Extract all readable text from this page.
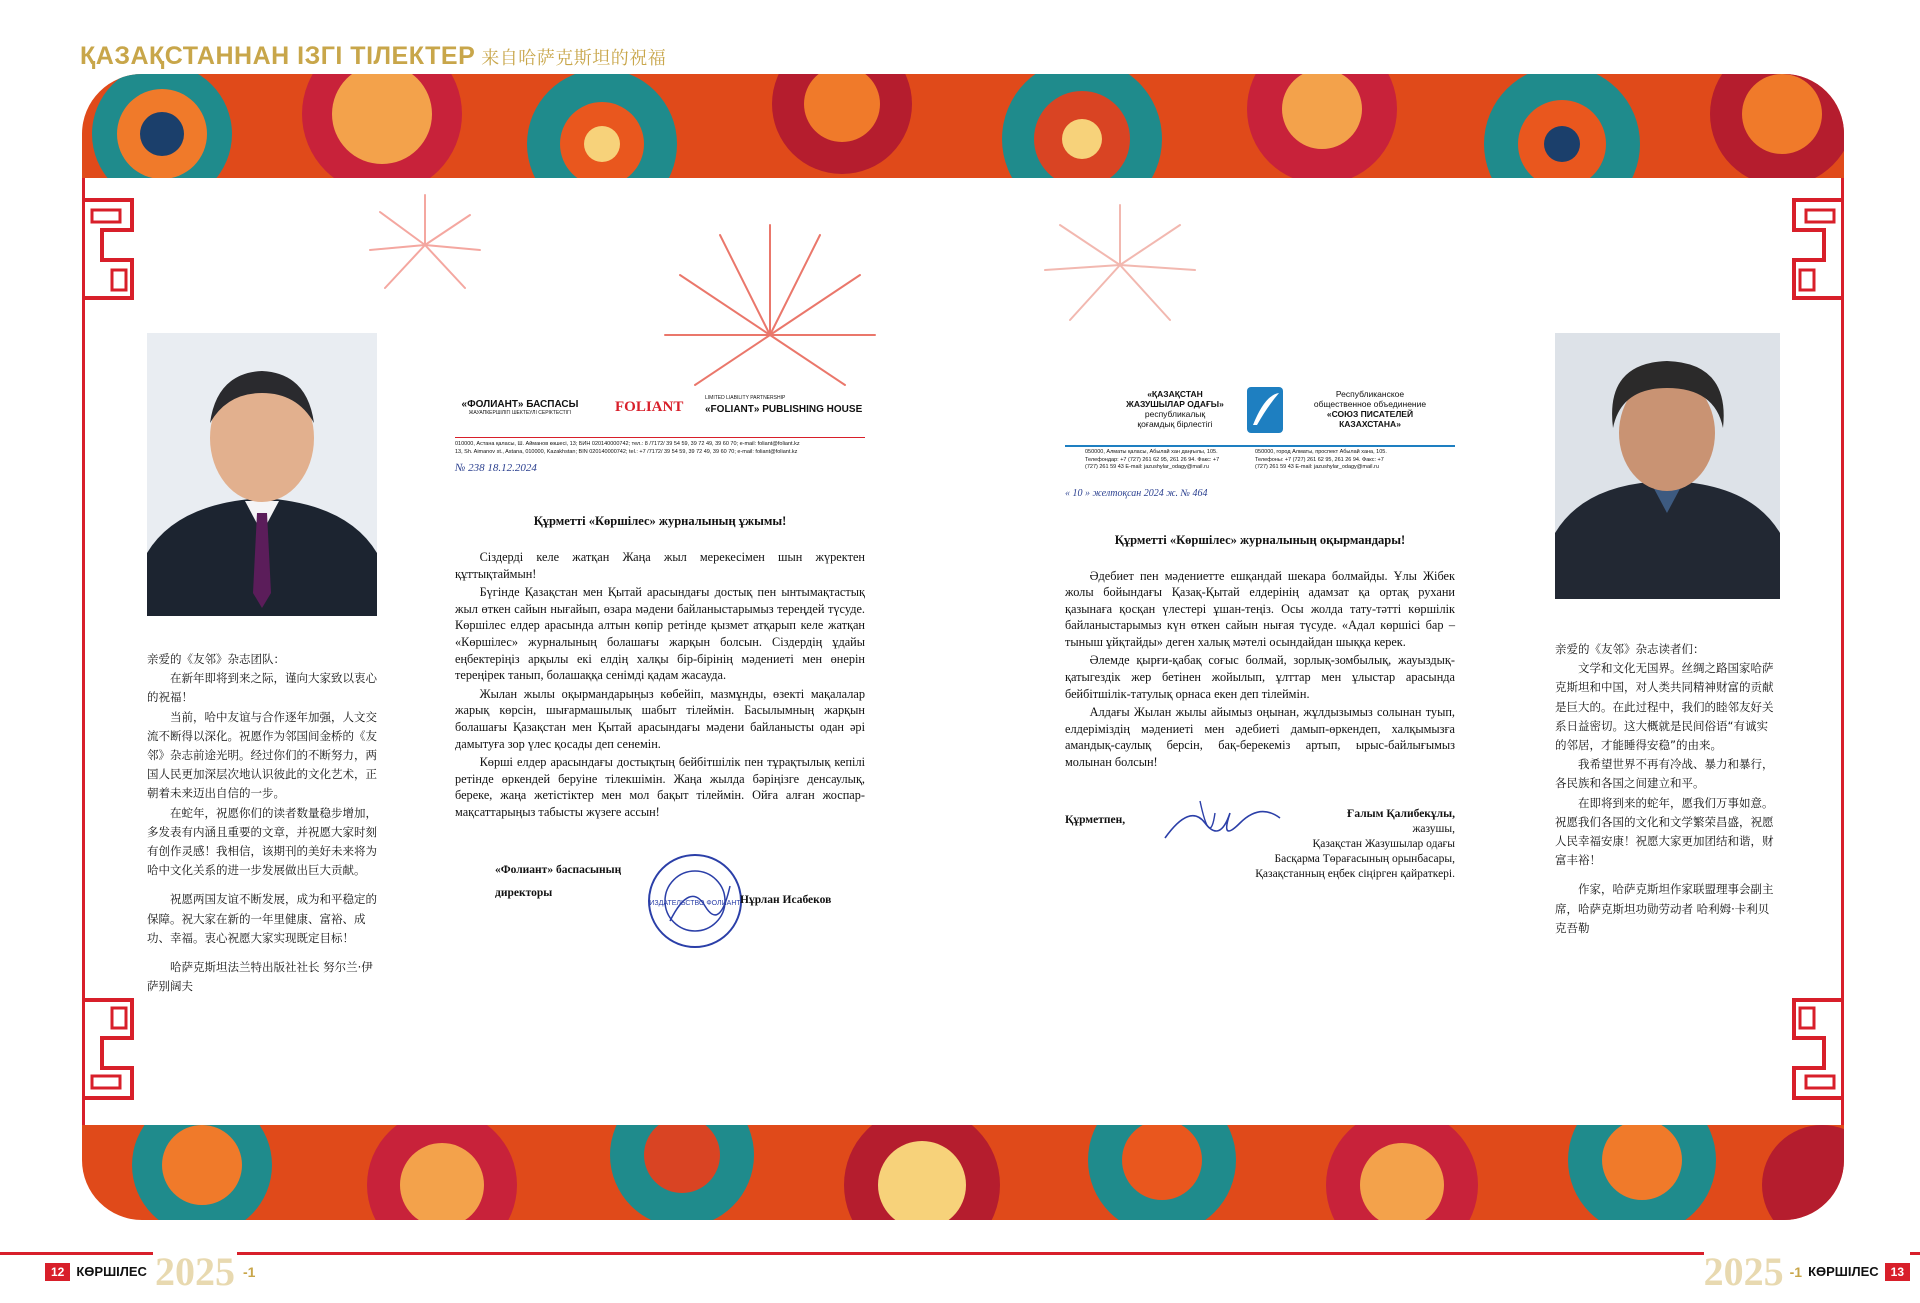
ҚАЗАҚСТАННАН ІЗГІ ТІЛЕКТЕР 来自哈萨克斯坦的祝福

亲爱的《友邻》杂志团队：

在新年即将到来之际，谨向大家致以衷心的祝福！

当前，哈中友谊与合作逐年加强，人文交流不断得以深化。祝愿作为邻国间金桥的《友邻》杂志前途光明。经过你们的不断努力，两国人民更加深层次地认识彼此的文化艺术，正朝着未来迈出自信的一步。

在蛇年，祝愿你们的读者数量稳步增加，多发表有内涵且重要的文章，并祝愿大家时刻有创作灵感！我相信，该期刊的美好未来将为哈中文化关系的进一步发展做出巨大贡献。

祝愿两国友谊不断发展，成为和平稳定的保障。祝大家在新的一年里健康、富裕、成功、幸福。衷心祝愿大家实现既定目标！

哈萨克斯坦法兰特出版社社长 努尔兰·伊萨别阔夫

«ФОЛИАНТ» БАСПАСЫ
ЖАУАПКЕРШІЛІГІ ШЕКТЕУЛІ СЕРІКТЕСТІГІ	FOLIANT
LIMITED LIABILITY PARTNERSHIP
«FOLIANT» PUBLISHING HOUSE
010000, Астана қаласы, Ш. Айманов көшесі, 13; БИН 020140000742; тел.: 8 /7172/ 39 54 59, 39 72 49, 39 60 70; e-mail: foliant@foliant.kz
13, Sh. Aimanov st., Astana, 010000, Kazakhstan; BIN 020140000742; tel.: +7 /7172/ 39 54 59, 39 72 49, 39 60 70; e-mail: foliant@foliant.kz
№ 238 18.12.2024
Құрметті «Көршілес» журналының ұжымы!

Сіздерді келе жатқан Жаңа жыл мерекесімен шын жүректен құттықтаймын!

Бүгінде Қазақстан мен Қытай арасындағы достық пен ынтымақтастық жыл өткен сайын нығайып, өзара мәдени байланыстарымыз тереңдей түсуде. Көршілес елдер арасында алтын көпір ретінде қызмет атқарып келе жатқан «Көршілес» журналының болашағы жарқын болсын. Сіздердің ұдайы еңбектеріңіз арқылы екі елдің халқы бір-бірінің мәдениеті мен өнерін тереңірек танып, болашаққа сенімді қадам жасауда.

Жылан жылы оқырмандарыңыз көбейіп, мазмұнды, өзекті мақалалар жарық көрсін, шығармашылық шабыт тілеймін. Басылымның жарқын болашағы Қазақстан мен Қытай арасындағы мәдени байланысты одан әрі дамытуға зор үлес қосады деп сенемін.

Көрші елдер арасындағы достықтың бейбітшілік пен тұрақтылық кепілі ретінде өркендей беруіне тілекшімін. Жаңа жылда бәріңізге денсаулық, береке, жаңа жетістіктер мен мол бақыт тілеймін. Ойға алған жоспар-мақсаттарыңыз табысты жүзеге ассын!

«Фолиант» баспасының
директоры
ИЗДАТЕЛЬСТВО ФОЛИАНТ Нұрлан Исабеков
«ҚАЗАҚСТАН
ЖАЗУШЫЛАР ОДАҒЫ»
республикалық
қоғамдық бірлестігі
Республиканское
общественное объединение
«СОЮЗ ПИСАТЕЛЕЙ
КАЗАХСТАНА»
050000, Алматы қаласы, Абылай хан даңғылы, 105. Телефондар: +7 (727) 261 62 95, 261 26 94. Факс: +7 (727) 261 59 43 E-mail: jazushylar_odagy@mail.ru
050000, город Алматы, проспект Абылай хана, 105. Телефоны: +7 (727) 261 62 95, 261 26 94. Факс: +7 (727) 261 59 43 E-mail: jazushylar_odagy@mail.ru
« 10 » желтоқсан 2024 ж. № 464
Құрметті «Көршілес» журналының оқырмандары!

Әдебиет пен мәдениетте ешқандай шекара болмайды. Ұлы Жібек жолы бойындағы Қазақ-Қытай елдерінің адамзат қа ортақ рухани қазынаға қосқан үлестері ұшан-теңіз. Осы жолда тату-тәтті көршілік байланыстарымыз күн өткен сайын нығая түсуде. «Адал көршісі бар – тыныш ұйқтайды» деген халық мәтелі осындайдан шыққа керек.

Әлемде қырғи-қабақ соғыс болмай, зорлық-зомбылық, жауыздық-қатыгездік жер бетінен жойылып, ұлттар мен ұлыстар арасында бейбітшілік-татулық орнаса екен деп тілеймін.

Алдағы Жылан жылы айымыз оңынан, жұлдызымыз солынан туып, елдеріміздің мәдениеті мен әдебиеті дамып-өркендеп, халқымызға амандық-саулық берсін, бақ-берекеміз артып, ырыс-байлығымыз молынан болсын!

Құрметпен,	Ғалым Қалибекұлы,
жазушы,
Қазақстан Жазушылар одағы
Басқарма Төрағасының орынбасары,
Қазақстанның еңбек сіңірген қайраткері.

亲爱的《友邻》杂志读者们：

文学和文化无国界。丝绸之路国家哈萨克斯坦和中国，对人类共同精神财富的贡献是巨大的。在此过程中，我们的睦邻友好关系日益密切。这大概就是民间俗语“有诚实的邻居，才能睡得安稳”的由来。

我希望世界不再有冷战、暴力和暴行，各民族和各国之间建立和平。

在即将到来的蛇年，愿我们万事如意。祝愿我们各国的文化和文学繁荣昌盛，祝愿人民幸福安康！祝愿大家更加团结和谐，财富丰裕！

作家，哈萨克斯坦作家联盟理事会副主席，哈萨克斯坦功勋劳动者 哈利姆·卡利贝克吾勒

12 КӨРШІЛЕС 2025 -1	2025 -1 КӨРШІЛЕС	13
